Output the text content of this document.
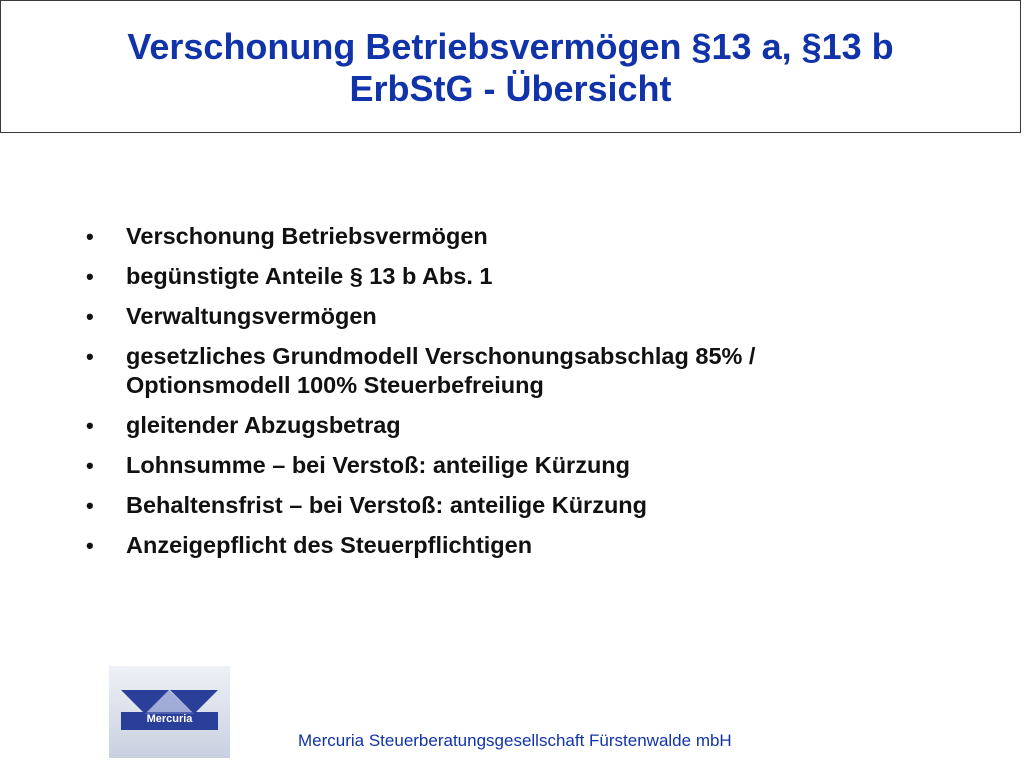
Verschonung Betriebsvermögen §13 a, §13 b
ErbStG - Übersicht
• Verschonung Betriebsvermögen
• begünstigte Anteile § 13 b Abs. 1
• Verwaltungsvermögen
• gesetzliches Grundmodell Verschonungsabschlag 85% /
Optionsmodell 100% Steuerbefreiung
• gleitender Abzugsbetrag
• Lohnsumme – bei Verstoß: anteilige Kürzung
• Behaltensfrist – bei Verstoß: anteilige Kürzung
• Anzeigepflicht des Steuerpflichtigen
Mercuria
Mercuria Steuerberatungsgesellschaft Fürstenwalde mbH
